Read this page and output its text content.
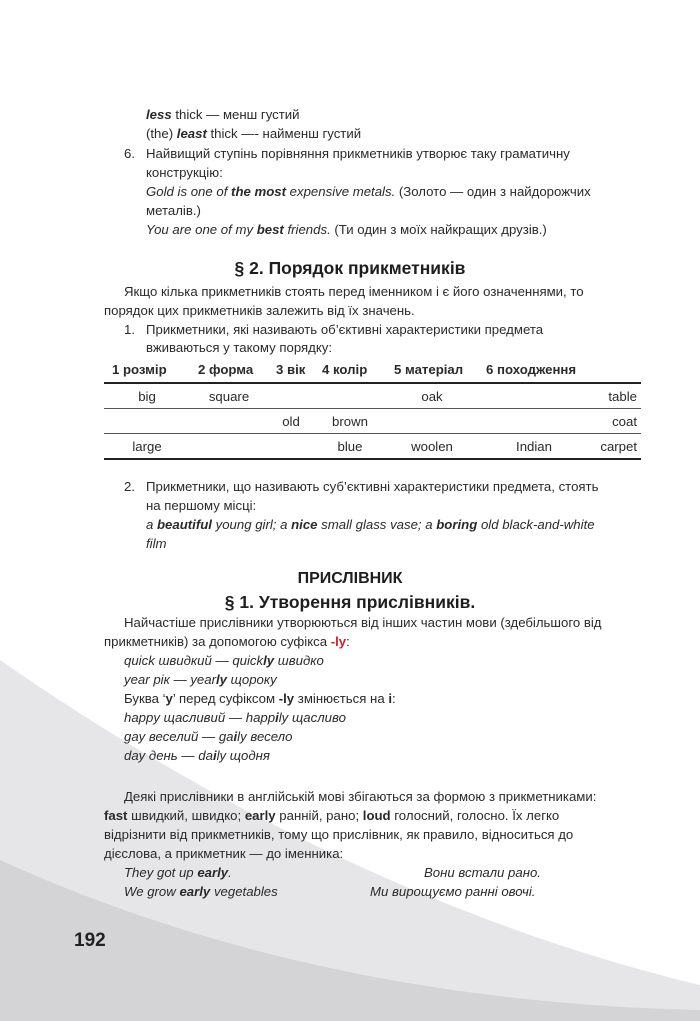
less thick — менш густий
(the) least thick —- найменш густий
6. Найвищий ступінь порівняння прикметників утворює таку граматичну
конструкцію:
Gold is one of the most expensive metals. (Золото — один з найдорожчих
металів.)
You are one of my best friends. (Ти один з моїх найкращих друзів.)
§ 2. Порядок прикметників
Якщо кілька прикметників стоять перед іменником і є його означеннями, то
порядок цих прикметників залежить від їх значень.
1. Прикметники, які називають об’єктивні характеристики предмета
вживаються у такому порядку:
1 розмір	2 форма	3 вік	4 колір	5 матеріал	6 походження	
big	square			oak		table
		old	brown			coat
large			blue	woolen	Indian	carpet
2. Прикметники, що називають суб’єктивні характеристики предмета, стоять
на першому місці:
a beautiful young girl; a nice small glass vase; a boring old black-and-white
film
ПРИСЛІВНИК
§ 1. Утворення прислівників.
Найчастіше прислівники утворюються від інших частин мови (здебільшого від
прикметників) за допомогою суфікса -ly:
quick швидкий — quickly швидко
year рік — yearly щороку
Буква ‘у’ перед суфіксом -ly змінюється на і:
happy щасливий — happily щасливо
gay веселий — gaily весело
day день — daily щодня
Деякі прислівники в англійській мові збігаються за формою з прикметниками:
fast швидкий, швидко; early ранній, рано; loud голосний, голосно. Їх легко
відрізнити від прикметників, тому що прислівник, як правило, відноситься до
дієслова, а прикметник — до іменника:
They got up early.	Вони встали рано.
We grow early vegetables	Ми вирощуємо ранні овочі.
192
